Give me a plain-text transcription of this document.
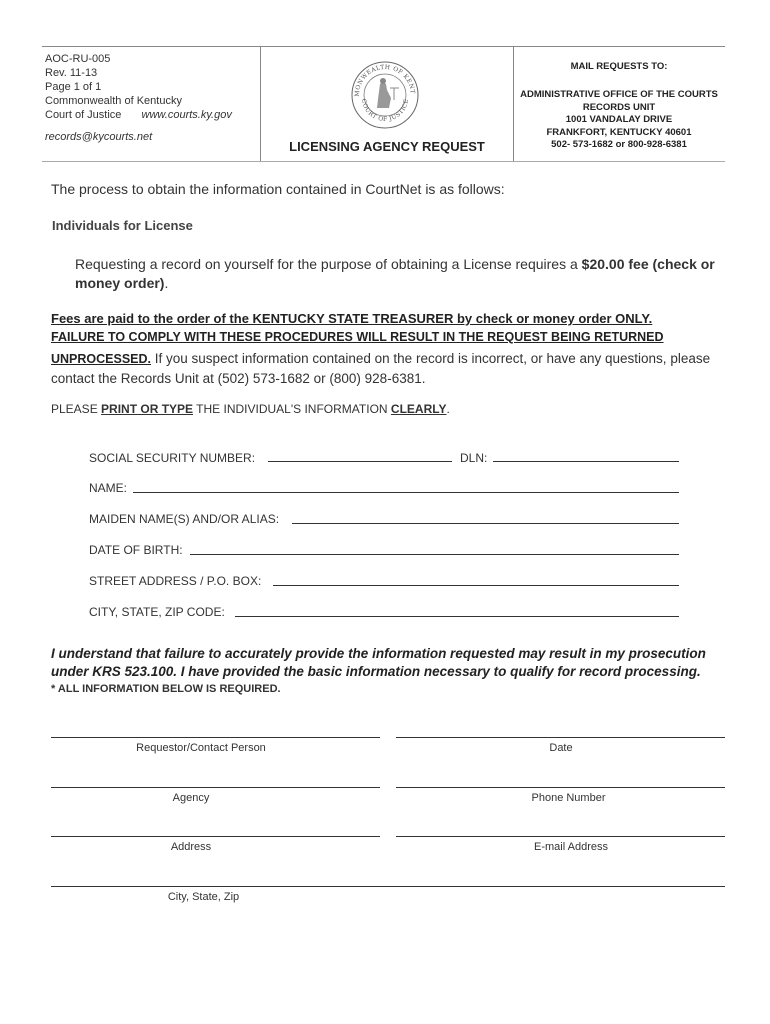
AOC-RU-005
Rev. 11-13
Page 1 of 1
Commonwealth of Kentucky
Court of Justice www.courts.ky.gov
records@kycourts.net
MONWEALTH OF KENT
COURT OF JUSTICE
LICENSING AGENCY REQUEST
MAIL REQUESTS TO:
ADMINISTRATIVE OFFICE OF THE COURTS
RECORDS UNIT
1001 VANDALAY DRIVE
FRANKFORT, KENTUCKY 40601
502- 573-1682 or 800-928-6381
The process to obtain the information contained in CourtNet is as follows:
Individuals for License
Requesting a record on yourself for the purpose of obtaining a License requires a $20.00 fee (check or money order).
Fees are paid to the order of the KENTUCKY STATE TREASURER by check or money order ONLY.
FAILURE TO COMPLY WITH THESE PROCEDURES WILL RESULT IN THE REQUEST BEING RETURNED
UNPROCESSED. If you suspect information contained on the record is incorrect, or have any questions, please contact the Records Unit at (502) 573-1682 or (800) 928-6381.
PLEASE PRINT OR TYPE THE INDIVIDUAL'S INFORMATION CLEARLY.
SOCIAL SECURITY NUMBER:	DLN:
NAME:
MAIDEN NAME(S) AND/OR ALIAS:
DATE OF BIRTH:
STREET ADDRESS / P.O. BOX:
CITY, STATE, ZIP CODE:
I understand that failure to accurately provide the information requested may result in my prosecution under KRS 523.100. I have provided the basic information necessary to qualify for record processing.
* ALL INFORMATION BELOW IS REQUIRED.
Requestor/Contact Person	Date
Agency	Phone Number
Address	E-mail Address
City, State, Zip
